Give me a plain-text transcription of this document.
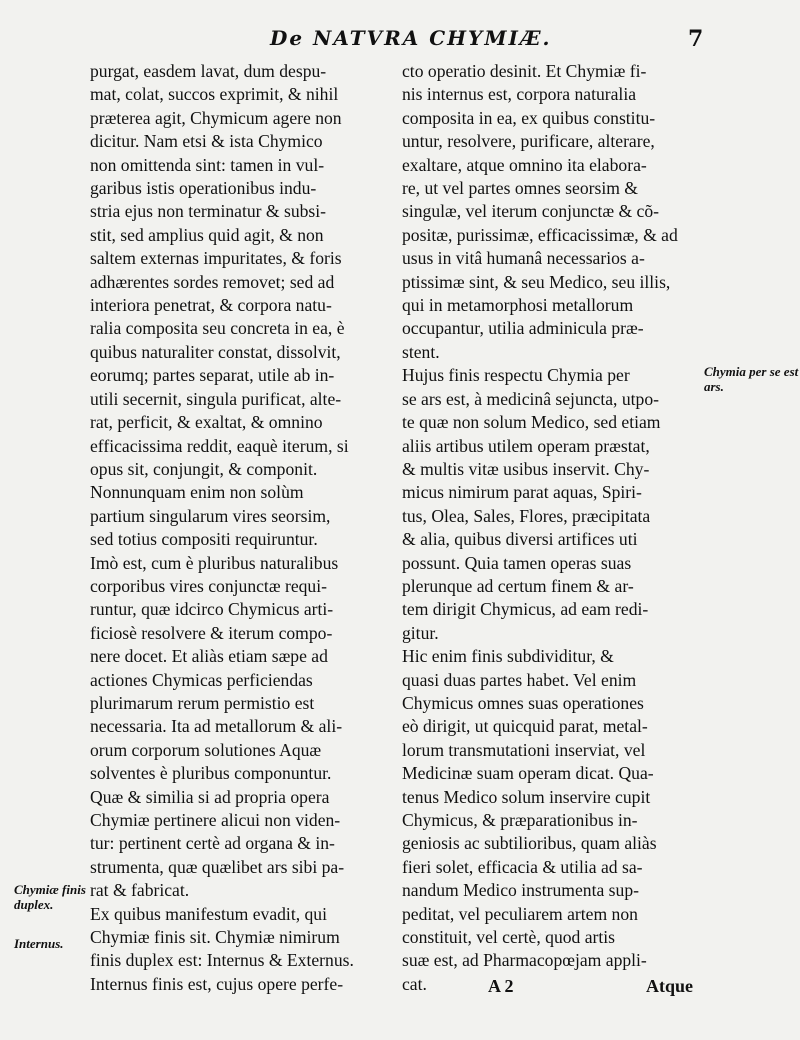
De NATVRA CHYMIÆ.	7
purgat, easdem lavat, dum despu-
mat, colat, succos exprimit, & nihil
præterea agit, Chymicum agere non
dicitur. Nam etsi & ista Chymico
non omittenda sint: tamen in vul-
garibus istis operationibus indu-
stria ejus non terminatur & subsi-
stit, sed amplius quid agit, & non
saltem externas impuritates, & foris
adhærentes sordes removet; sed ad
interiora penetrat, & corpora natu-
ralia composita seu concreta in ea, è
quibus naturaliter constat, dissolvit,
eorumq; partes separat, utile ab in-
utili secernit, singula purificat, alte-
rat, perficit, & exaltat, & omnino
efficacissima reddit, eaquè iterum, si
opus sit, conjungit, & componit.
Nonnunquam enim non solùm
partium singularum vires seorsim,
sed totius compositi requiruntur.
Imò est, cum è pluribus naturalibus
corporibus vires conjunctæ requi-
runtur, quæ idcirco Chymicus arti-
ficiosè resolvere & iterum compo-
nere docet. Et aliàs etiam sæpe ad
actiones Chymicas perficiendas
plurimarum rerum permistio est
necessaria. Ita ad metallorum & ali-
orum corporum solutiones Aquæ
solventes è pluribus componuntur.
Quæ & similia si ad propria opera
Chymiæ pertinere alicui non viden-
tur: pertinent certè ad organa & in-
strumenta, quæ quælibet ars sibi pa-
rat & fabricat.
Ex quibus manifestum evadit, qui
Chymiæ finis sit. Chymiæ nimirum
finis duplex est: Internus & Externus.
Internus finis est, cujus opere perfe-
cto operatio desinit. Et Chymiæ fi-
nis internus est, corpora naturalia
composita in ea, ex quibus constitu-
untur, resolvere, purificare, alterare,
exaltare, atque omnino ita elabora-
re, ut vel partes omnes seorsim &
singulæ, vel iterum conjunctæ & cõ-
positæ, purissimæ, efficacissimæ, & ad
usus in vitâ humanâ necessarios a-
ptissimæ sint, & seu Medico, seu illis,
qui in metamorphosi metallorum
occupantur, utilia adminicula præ-
stent.
Hujus finis respectu Chymia per
se ars est, à medicinâ sejuncta, utpo-
te quæ non solum Medico, sed etiam
aliis artibus utilem operam præstat,
& multis vitæ usibus inservit. Chy-
micus nimirum parat aquas, Spiri-
tus, Olea, Sales, Flores, præcipitata
& alia, quibus diversi artifices uti
possunt. Quia tamen operas suas
plerunque ad certum finem & ar-
tem dirigit Chymicus, ad eam redi-
gitur.
Hic enim finis subdividitur, &
quasi duas partes habet. Vel enim
Chymicus omnes suas operationes
eò dirigit, ut quicquid parat, metal-
lorum transmutationi inserviat, vel
Medicinæ suam operam dicat. Qua-
tenus Medico solum inservire cupit
Chymicus, & præparationibus in-
geniosis ac subtilioribus, quam aliàs
fieri solet, efficacia & utilia ad sa-
nandum Medico instrumenta sup-
peditat, vel peculiarem artem non
constituit, vel certè, quod artis
suæ est, ad Pharmacopœjam appli-
cat.
Chymia per se est ars.
Chymiæ finis duplex.
Internus.
A 2	Atque
